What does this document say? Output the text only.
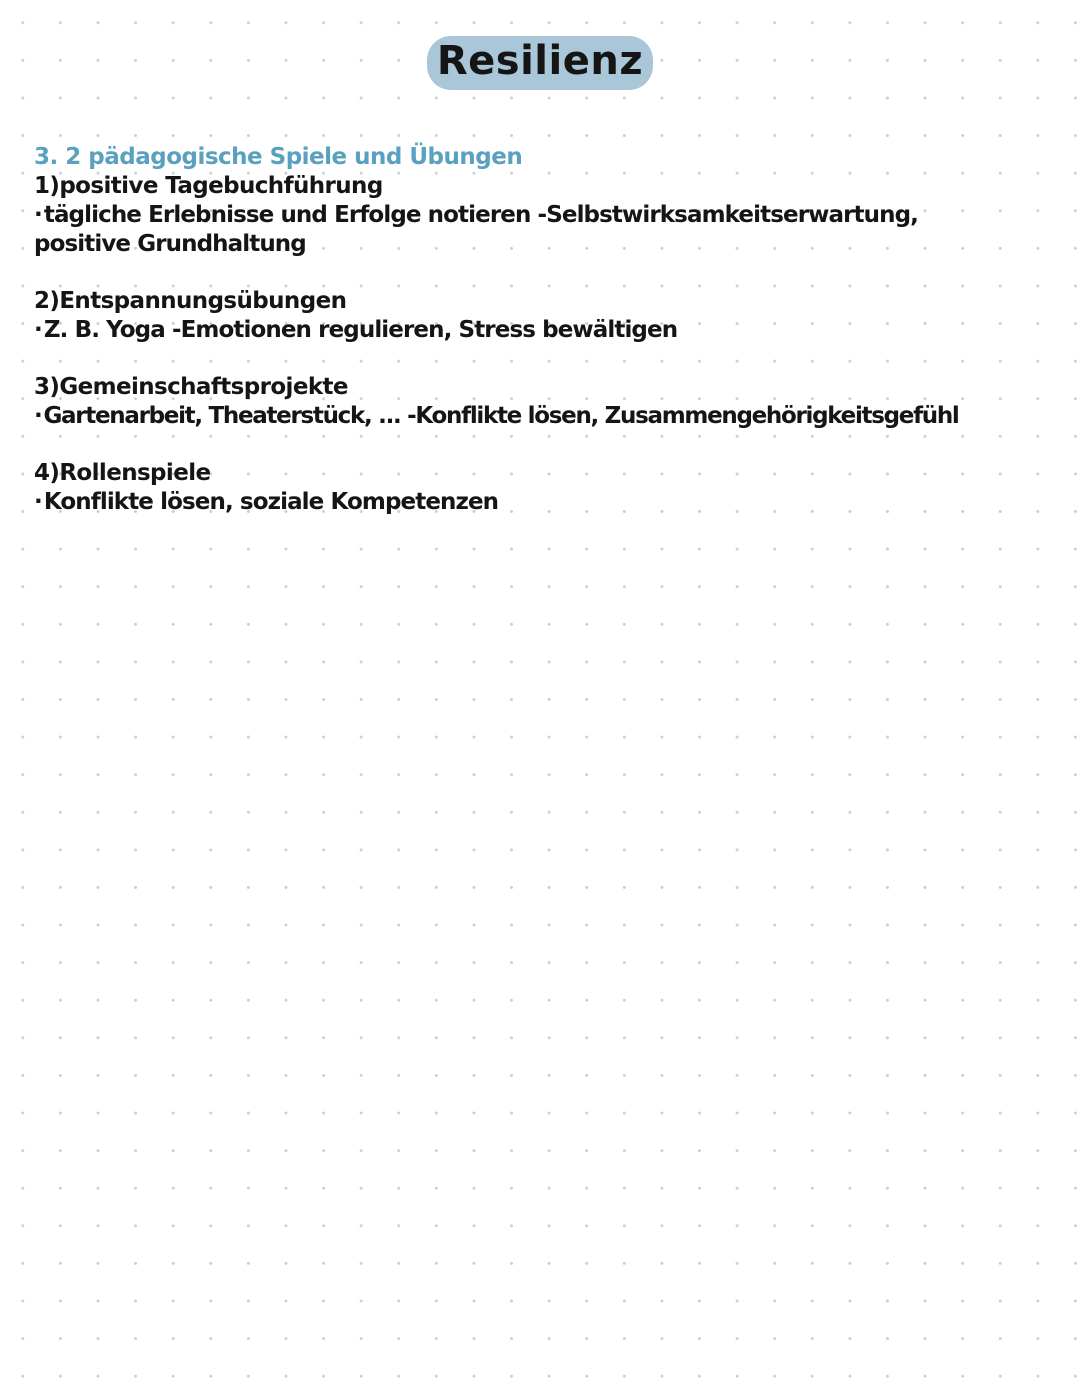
Resilienz
3. 2 pädagogische Spiele und Übungen
1)positive Tagebuchführung
·tägliche Erlebnisse und Erfolge notieren -Selbstwirksamkeitserwartung,
positive Grundhaltung
2)Entspannungsübungen
·Z. B. Yoga -Emotionen regulieren, Stress bewältigen
3)Gemeinschaftsprojekte
·Gartenarbeit, Theaterstück, ... -Konflikte lösen, Zusammengehörigkeitsgefühl
4)Rollenspiele
·Konflikte lösen, soziale Kompetenzen
